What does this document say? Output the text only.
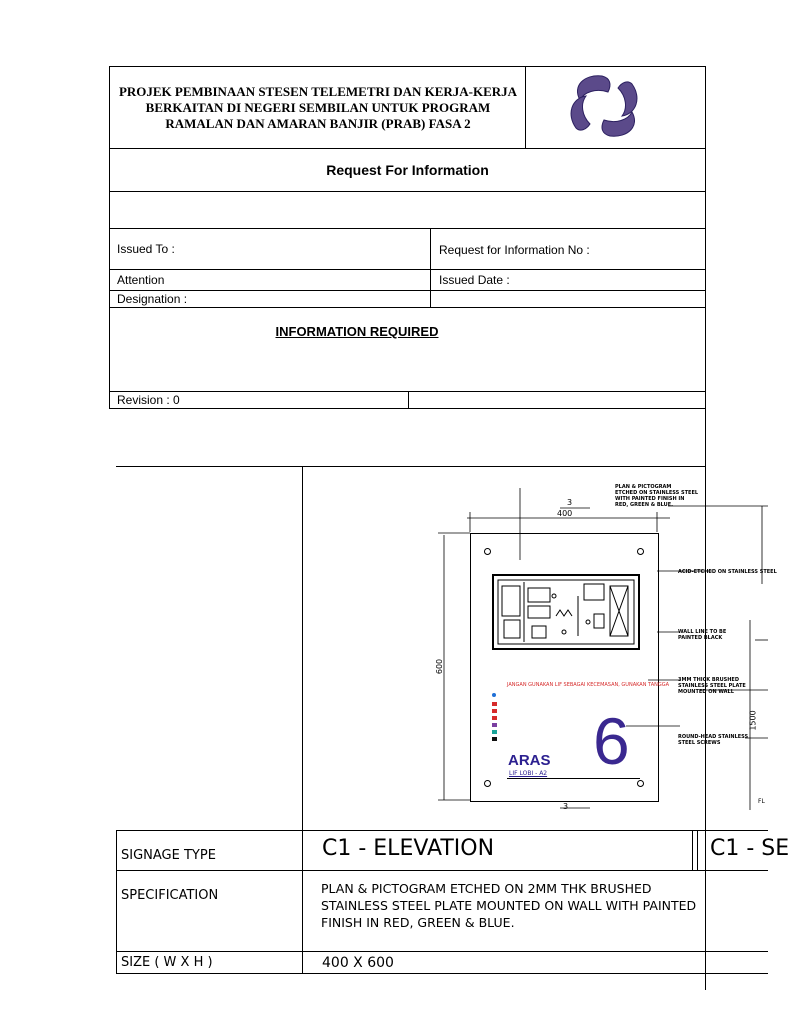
PROJEK PEMBINAAN STESEN TELEMETRI DAN KERJA-KERJA
BERKAITAN DI NEGERI SEMBILAN UNTUK PROGRAM
RAMALAN DAN AMARAN BANJIR (PRAB) FASA 2
Request For Information
Issued To :	Request for Information No :
Attention	Issued Date :
Designation :
INFORMATION REQUIRED
Revision : 0
JANGAN GUNAKAN LIF SEBAGAI KECEMASAN, GUNAKAN TANGGA
ARAS
LIF LOBI - A2 6
3
400
600
3
1500
FL
PLAN & PICTOGRAM
ETCHED ON STAINLESS STEEL
WITH PAINTED FINISH IN
RED, GREEN & BLUE.
ACID-ETCHED ON STAINLESS STEEL
WALL LINE TO BE
PAINTED BLACK
3MM THICK BRUSHED
STAINLESS STEEL PLATE
MOUNTED ON WALL
ROUND-HEAD STAINLESS
STEEL SCREWS
SIGNAGE TYPE	C1 - ELEVATION	C1 - SE
SPECIFICATION	PLAN & PICTOGRAM ETCHED ON 2MM THK BRUSHED
STAINLESS STEEL PLATE MOUNTED ON WALL WITH PAINTED
FINISH IN RED, GREEN & BLUE.
SIZE ( W X H )	400 X 600
